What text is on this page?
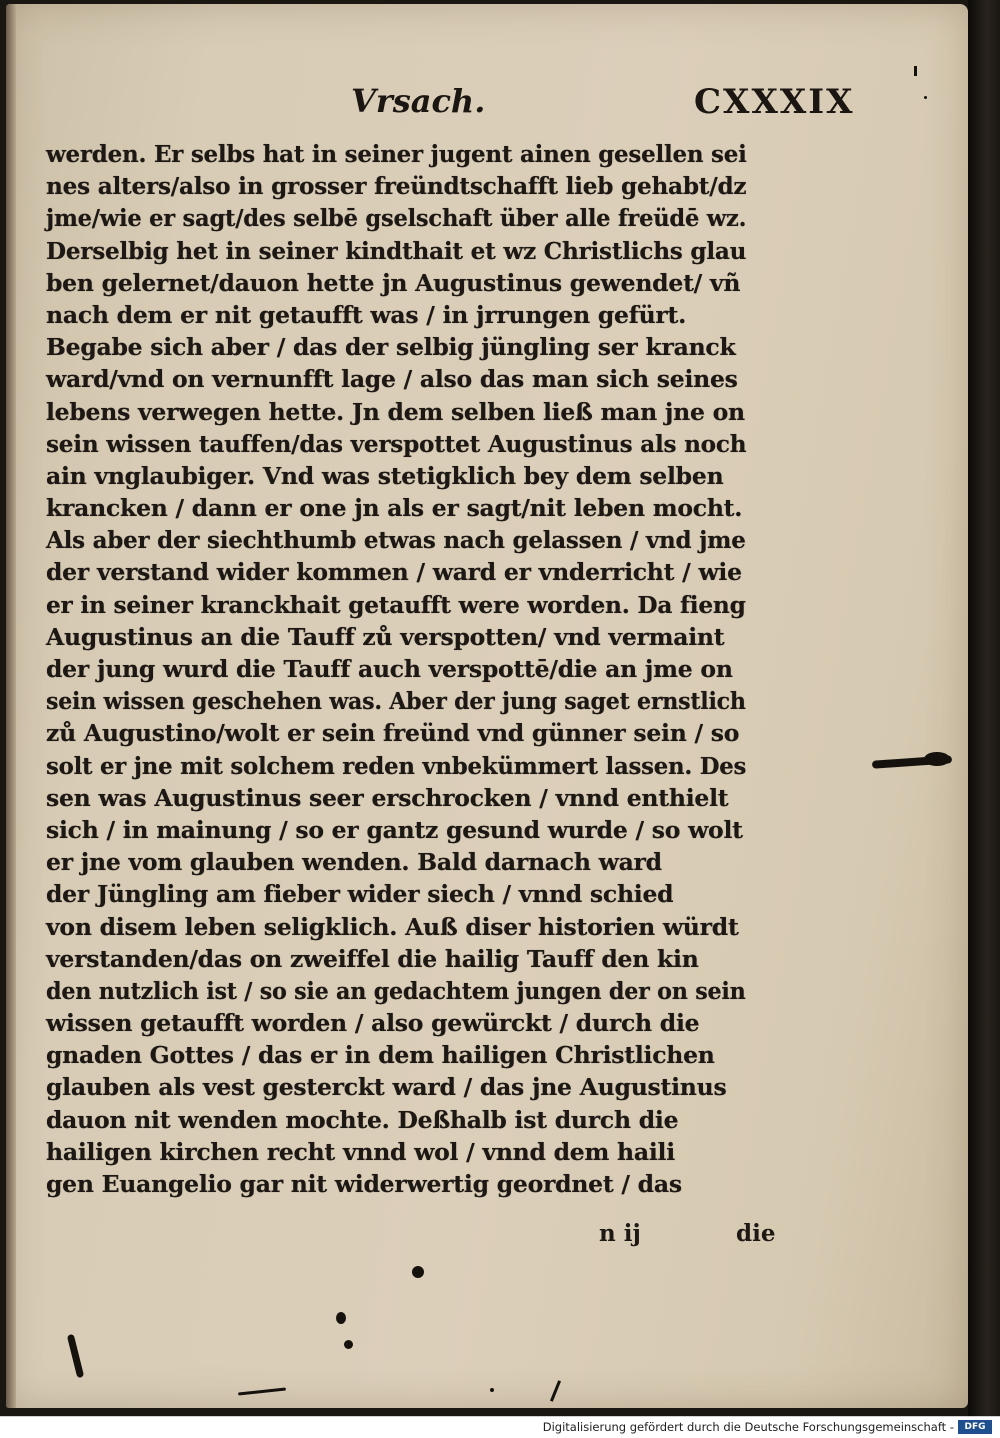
Vrsach.	CXXXIX
werden. Er selbs hat in seiner jugent ainen gesellen sei
nes alters/also in grosser freündtschafft lieb gehabt/dz
jme/wie er sagt/des selbē gselschaft über alle freüdē wz.
Derselbig het in seiner kindthait et wz Christlichs glau
ben gelernet/dauon hette jn Augustinus gewendet/ vñ
nach dem er nit getaufft was / in jrrungen gefürt.
Begabe sich aber / das der selbig jüngling ser kranck
ward/vnd on vernunfft lage / also das man sich seines
lebens verwegen hette. Jn dem selben ließ man jne on
sein wissen tauffen/das verspottet Augustinus als noch
ain vnglaubiger. Vnd was stetigklich bey dem selben
krancken / dann er one jn als er sagt/nit leben mocht.
Als aber der siechthumb etwas nach gelassen / vnd jme
der verstand wider kommen / ward er vnderricht / wie
er in seiner kranckhait getaufft were worden. Da fieng
Augustinus an die Tauff zů verspotten/ vnd vermaint
der jung wurd die Tauff auch verspottē/die an jme on
sein wissen geschehen was. Aber der jung saget ernstlich
zů Augustino/wolt er sein freünd vnd günner sein / so
solt er jne mit solchem reden vnbekümmert lassen. Des
sen was Augustinus seer erschrocken / vnnd enthielt
sich / in mainung / so er gantz gesund wurde / so wolt
er jne vom glauben wenden. Bald darnach ward
der Jüngling am fieber wider siech / vnnd schied
von disem leben seligklich. Auß diser historien würdt
verstanden/das on zweiffel die hailig Tauff den kin
den nutzlich ist / so sie an gedachtem jungen der on sein
wissen getaufft worden / also gewürckt / durch die
gnaden Gottes / das er in dem hailigen Christlichen
glauben als vest gesterckt ward / das jne Augustinus
dauon nit wenden mochte. Deßhalb ist durch die
hailigen kirchen recht vnnd wol / vnnd dem haili
gen Euangelio gar nit widerwertig geordnet / das
n ij	die
Digitalisierung gefördert durch die Deutsche Forschungsgemeinschaft -	DFG
